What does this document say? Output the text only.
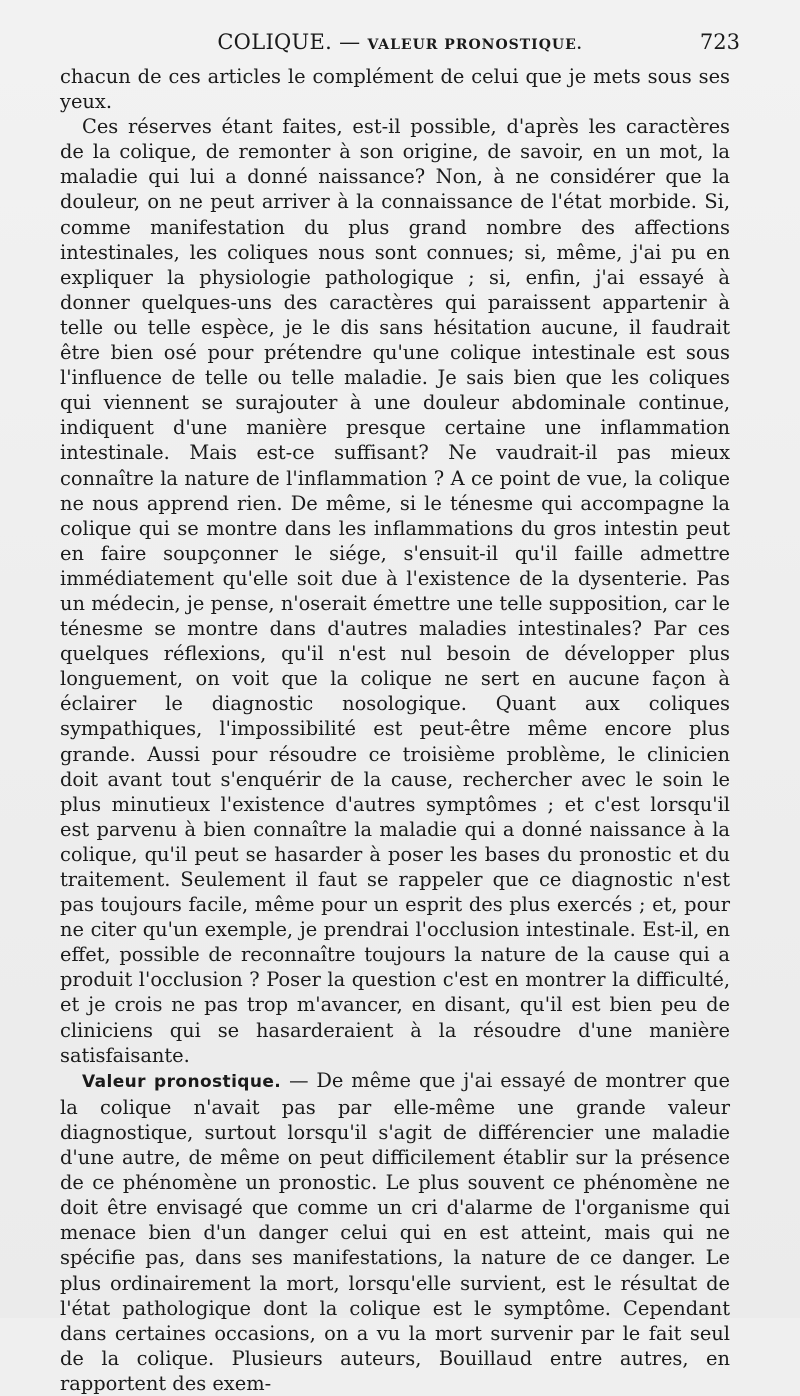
COLIQUE. — VALEUR PRONOSTIQUE.	723

chacun de ces articles le complément de celui que je mets sous ses yeux.

Ces réserves étant faites, est-il possible, d'après les caractères de la colique, de remonter à son origine, de savoir, en un mot, la maladie qui lui a donné naissance? Non, à ne considérer que la douleur, on ne peut arriver à la connaissance de l'état morbide. Si, comme manifestation du plus grand nombre des affections intestinales, les coliques nous sont connues; si, même, j'ai pu en expliquer la physiologie pathologique ; si, enfin, j'ai essayé à donner quelques-uns des caractères qui paraissent appartenir à telle ou telle espèce, je le dis sans hésitation aucune, il faudrait être bien osé pour prétendre qu'une colique intestinale est sous l'influence de telle ou telle maladie. Je sais bien que les coliques qui viennent se surajouter à une douleur abdominale continue, indiquent d'une manière presque certaine une inflammation intestinale. Mais est-ce suffisant? Ne vaudrait-il pas mieux connaître la nature de l'inflammation ? A ce point de vue, la colique ne nous apprend rien. De même, si le ténesme qui accompagne la colique qui se montre dans les inflammations du gros intestin peut en faire soupçonner le siége, s'ensuit-il qu'il faille admettre immédiatement qu'elle soit due à l'existence de la dysenterie. Pas un médecin, je pense, n'oserait émettre une telle supposition, car le ténesme se montre dans d'autres maladies intestinales? Par ces quelques réflexions, qu'il n'est nul besoin de développer plus longuement, on voit que la colique ne sert en aucune façon à éclairer le diagnostic nosologique. Quant aux coliques sympathiques, l'impossibilité est peut-être même encore plus grande. Aussi pour résoudre ce troisième problème, le clinicien doit avant tout s'enquérir de la cause, rechercher avec le soin le plus minutieux l'existence d'autres symptômes ; et c'est lorsqu'il est parvenu à bien connaître la maladie qui a donné naissance à la colique, qu'il peut se hasarder à poser les bases du pronostic et du traitement. Seulement il faut se rappeler que ce diagnostic n'est pas toujours facile, même pour un esprit des plus exercés ; et, pour ne citer qu'un exemple, je prendrai l'occlusion intestinale. Est-il, en effet, possible de reconnaître toujours la nature de la cause qui a produit l'occlusion ? Poser la question c'est en montrer la difficulté, et je crois ne pas trop m'avancer, en disant, qu'il est bien peu de cliniciens qui se hasarderaient à la résoudre d'une manière satisfaisante.

Valeur pronostique. — De même que j'ai essayé de montrer que la colique n'avait pas par elle-même une grande valeur diagnostique, surtout lorsqu'il s'agit de différencier une maladie d'une autre, de même on peut difficilement établir sur la présence de ce phénomène un pronostic. Le plus souvent ce phénomène ne doit être envisagé que comme un cri d'alarme de l'organisme qui menace bien d'un danger celui qui en est atteint, mais qui ne spécifie pas, dans ses manifestations, la nature de ce danger. Le plus ordinairement la mort, lorsqu'elle survient, est le résultat de l'état pathologique dont la colique est le symptôme. Cependant dans certaines occasions, on a vu la mort survenir par le fait seul de la colique. Plusieurs auteurs, Bouillaud entre autres, en rapportent des exem-
